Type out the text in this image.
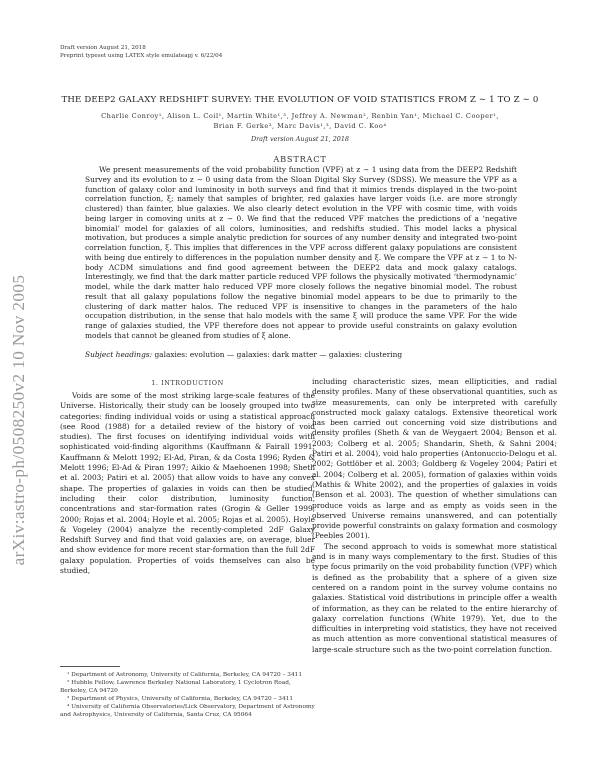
Draft version August 21, 2018
Preprint typeset using LATEX style emulateapj v. 6/22/04
arXiv:astro-ph/0508250v2 10 Nov 2005
THE DEEP2 GALAXY REDSHIFT SURVEY: THE EVOLUTION OF VOID STATISTICS FROM Z ∼ 1 TO Z ∼ 0
Charlie Conroy¹, Alison L. Coil¹, Martin White¹,³, Jeffrey A. Newman², Renbin Yan¹, Michael C. Cooper¹,
Brian F. Gerke³, Marc Davis¹,³, David C. Koo⁴
Draft version August 21, 2018
ABSTRACT
We present measurements of the void probability function (VPF) at z ∼ 1 using data from the DEEP2 Redshift Survey and its evolution to z ∼ 0 using data from the Sloan Digital Sky Survey (SDSS). We measure the VPF as a function of galaxy color and luminosity in both surveys and find that it mimics trends displayed in the two-point correlation function, ξ; namely that samples of brighter, red galaxies have larger voids (i.e. are more strongly clustered) than fainter, blue galaxies. We also clearly detect evolution in the VPF with cosmic time, with voids being larger in comoving units at z ∼ 0. We find that the reduced VPF matches the predictions of a ‘negative binomial’ model for galaxies of all colors, luminosities, and redshifts studied. This model lacks a physical motivation, but produces a simple analytic prediction for sources of any number density and integrated two-point correlation function, ξ. This implies that differences in the VPF across different galaxy populations are consistent with being due entirely to differences in the population number density and ξ. We compare the VPF at z ∼ 1 to N-body ΛCDM simulations and find good agreement between the DEEP2 data and mock galaxy catalogs. Interestingly, we find that the dark matter particle reduced VPF follows the physically motivated ‘thermodynamic’ model, while the dark matter halo reduced VPF more closely follows the negative binomial model. The robust result that all galaxy populations follow the negative binomial model appears to be due to primarily to the clustering of dark matter halos. The reduced VPF is insensitive to changes in the parameters of the halo occupation distribution, in the sense that halo models with the same ξ will produce the same VPF. For the wide range of galaxies studied, the VPF therefore does not appear to provide useful constraints on galaxy evolution models that cannot be gleaned from studies of ξ alone.
Subject headings: galaxies: evolution — galaxies: dark matter — galaxies: clustering
1. INTRODUCTION
Voids are some of the most striking large-scale features of the Universe. Historically, their study can be loosely grouped into two categories: finding individual voids or using a statistical approach (see Rood (1988) for a detailed review of the history of void studies). The first focuses on identifying individual voids with sophisticated void-finding algorithms (Kauffmann & Fairall 1991; Kauffmann & Melott 1992; El-Ad, Piran, & da Costa 1996; Ryden & Melott 1996; El-Ad & Piran 1997; Aikio & Maehoenen 1998; Sheth et al. 2003; Patiri et al. 2005) that allow voids to have any convex shape. The properties of galaxies in voids can then be studied, including their color distribution, luminosity function, concentrations and star-formation rates (Grogin & Geller 1999, 2000; Rojas et al. 2004; Hoyle et al. 2005; Rojas et al. 2005). Hoyle & Vogeley (2004) analyze the recently-completed 2dF Galaxy Redshift Survey and find that void galaxies are, on average, bluer and show evidence for more recent star-formation than the full 2dF galaxy population. Properties of voids themselves can also be studied,

including characteristic sizes, mean ellipticities, and radial density profiles. Many of these observational quantities, such as size measurements, can only be interpreted with carefully constructed mock galaxy catalogs. Extensive theoretical work has been carried out concerning void size distributions and density profiles (Sheth & van de Weygaert 2004; Benson et al. 2003; Colberg et al. 2005; Shandarin, Sheth, & Sahni 2004; Patiri et al. 2004), void halo properties (Antonuccio-Delogu et al. 2002; Gottlöber et al. 2003; Goldberg & Vogeley 2004; Patiri et al. 2004; Colberg et al. 2005), formation of galaxies within voids (Mathis & White 2002), and the properties of galaxies in voids (Benson et al. 2003). The question of whether simulations can produce voids as large and as empty as voids seen in the observed Universe remains unanswered, and can potentially provide powerful constraints on galaxy formation and cosmology (Peebles 2001).

The second approach to voids is somewhat more statistical and is in many ways complementary to the first. Studies of this type focus primarily on the void probability function (VPF) which is defined as the probability that a sphere of a given size centered on a random point in the survey volume contains no galaxies. Statistical void distributions in principle offer a wealth of information, as they can be related to the entire hierarchy of galaxy correlation functions (White 1979). Yet, due to the difficulties in interpreting void statistics, they have not received as much attention as more conventional statistical measures of large-scale structure such as the two-point correlation function.

¹ Department of Astronomy, University of California, Berkeley, CA 94720 – 3411

² Hubble Fellow, Lawrence Berkeley National Laboratory, 1 Cyclotron Road, Berkeley, CA 94720

³ Department of Physics, University of California, Berkeley, CA 94720 – 3411

⁴ University of California Observatories/Lick Observatory, Department of Astronomy and Astrophysics, University of California, Santa Cruz, CA 95064
